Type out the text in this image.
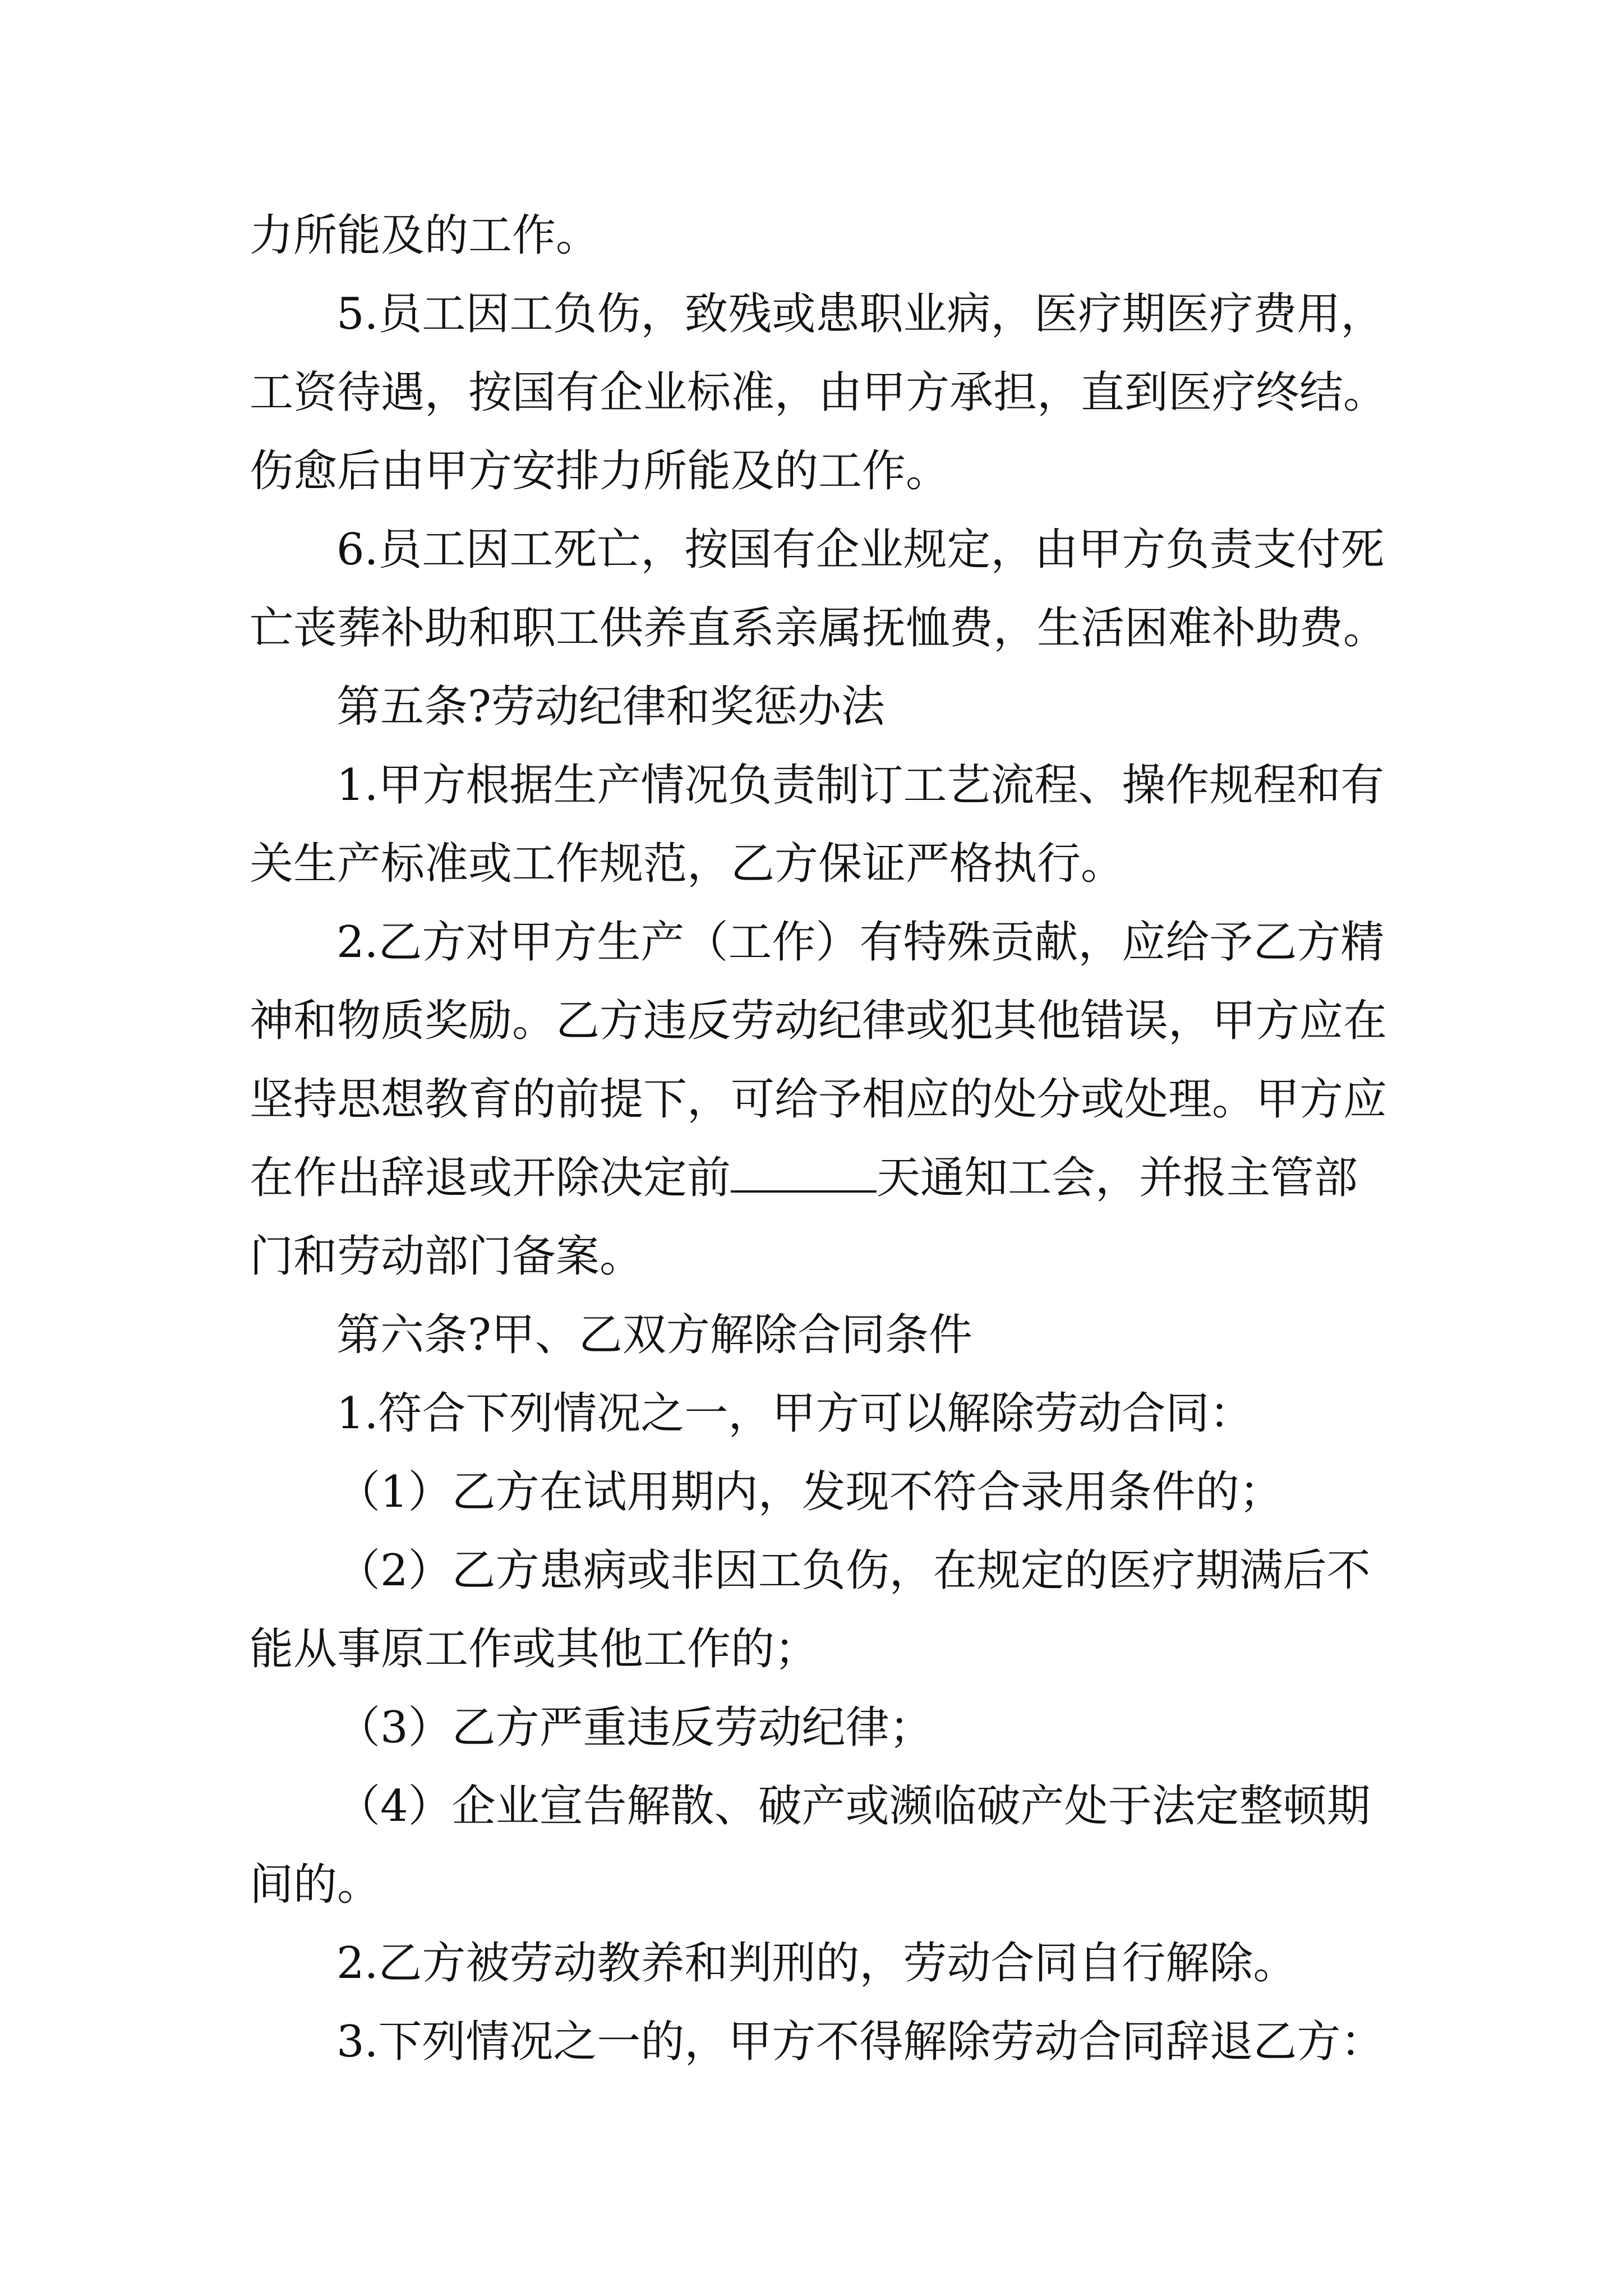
力所能及的工作。

5.员工因工负伤，致残或患职业病，医疗期医疗费用，

工资待遇，按国有企业标准，由甲方承担，直到医疗终结。

伤愈后由甲方安排力所能及的工作。

6.员工因工死亡，按国有企业规定，由甲方负责支付死

亡丧葬补助和职工供养直系亲属抚恤费，生活困难补助费。

第五条?劳动纪律和奖惩办法

1.甲方根据生产情况负责制订工艺流程、操作规程和有

关生产标准或工作规范，乙方保证严格执行。

2.乙方对甲方生产（工作）有特殊贡献，应给予乙方精

神和物质奖励。乙方违反劳动纪律或犯其他错误，甲方应在

坚持思想教育的前提下，可给予相应的处分或处理。甲方应

在作出辞退或开除决定前	天通知工会，并报主管部

门和劳动部门备案。

第六条?甲、乙双方解除合同条件

1.符合下列情况之一，甲方可以解除劳动合同：

（1）乙方在试用期内，发现不符合录用条件的；

（2）乙方患病或非因工负伤，在规定的医疗期满后不

能从事原工作或其他工作的；

（3）乙方严重违反劳动纪律；

（4）企业宣告解散、破产或濒临破产处于法定整顿期

间的。

2.乙方被劳动教养和判刑的，劳动合同自行解除。

3.下列情况之一的，甲方不得解除劳动合同辞退乙方：
